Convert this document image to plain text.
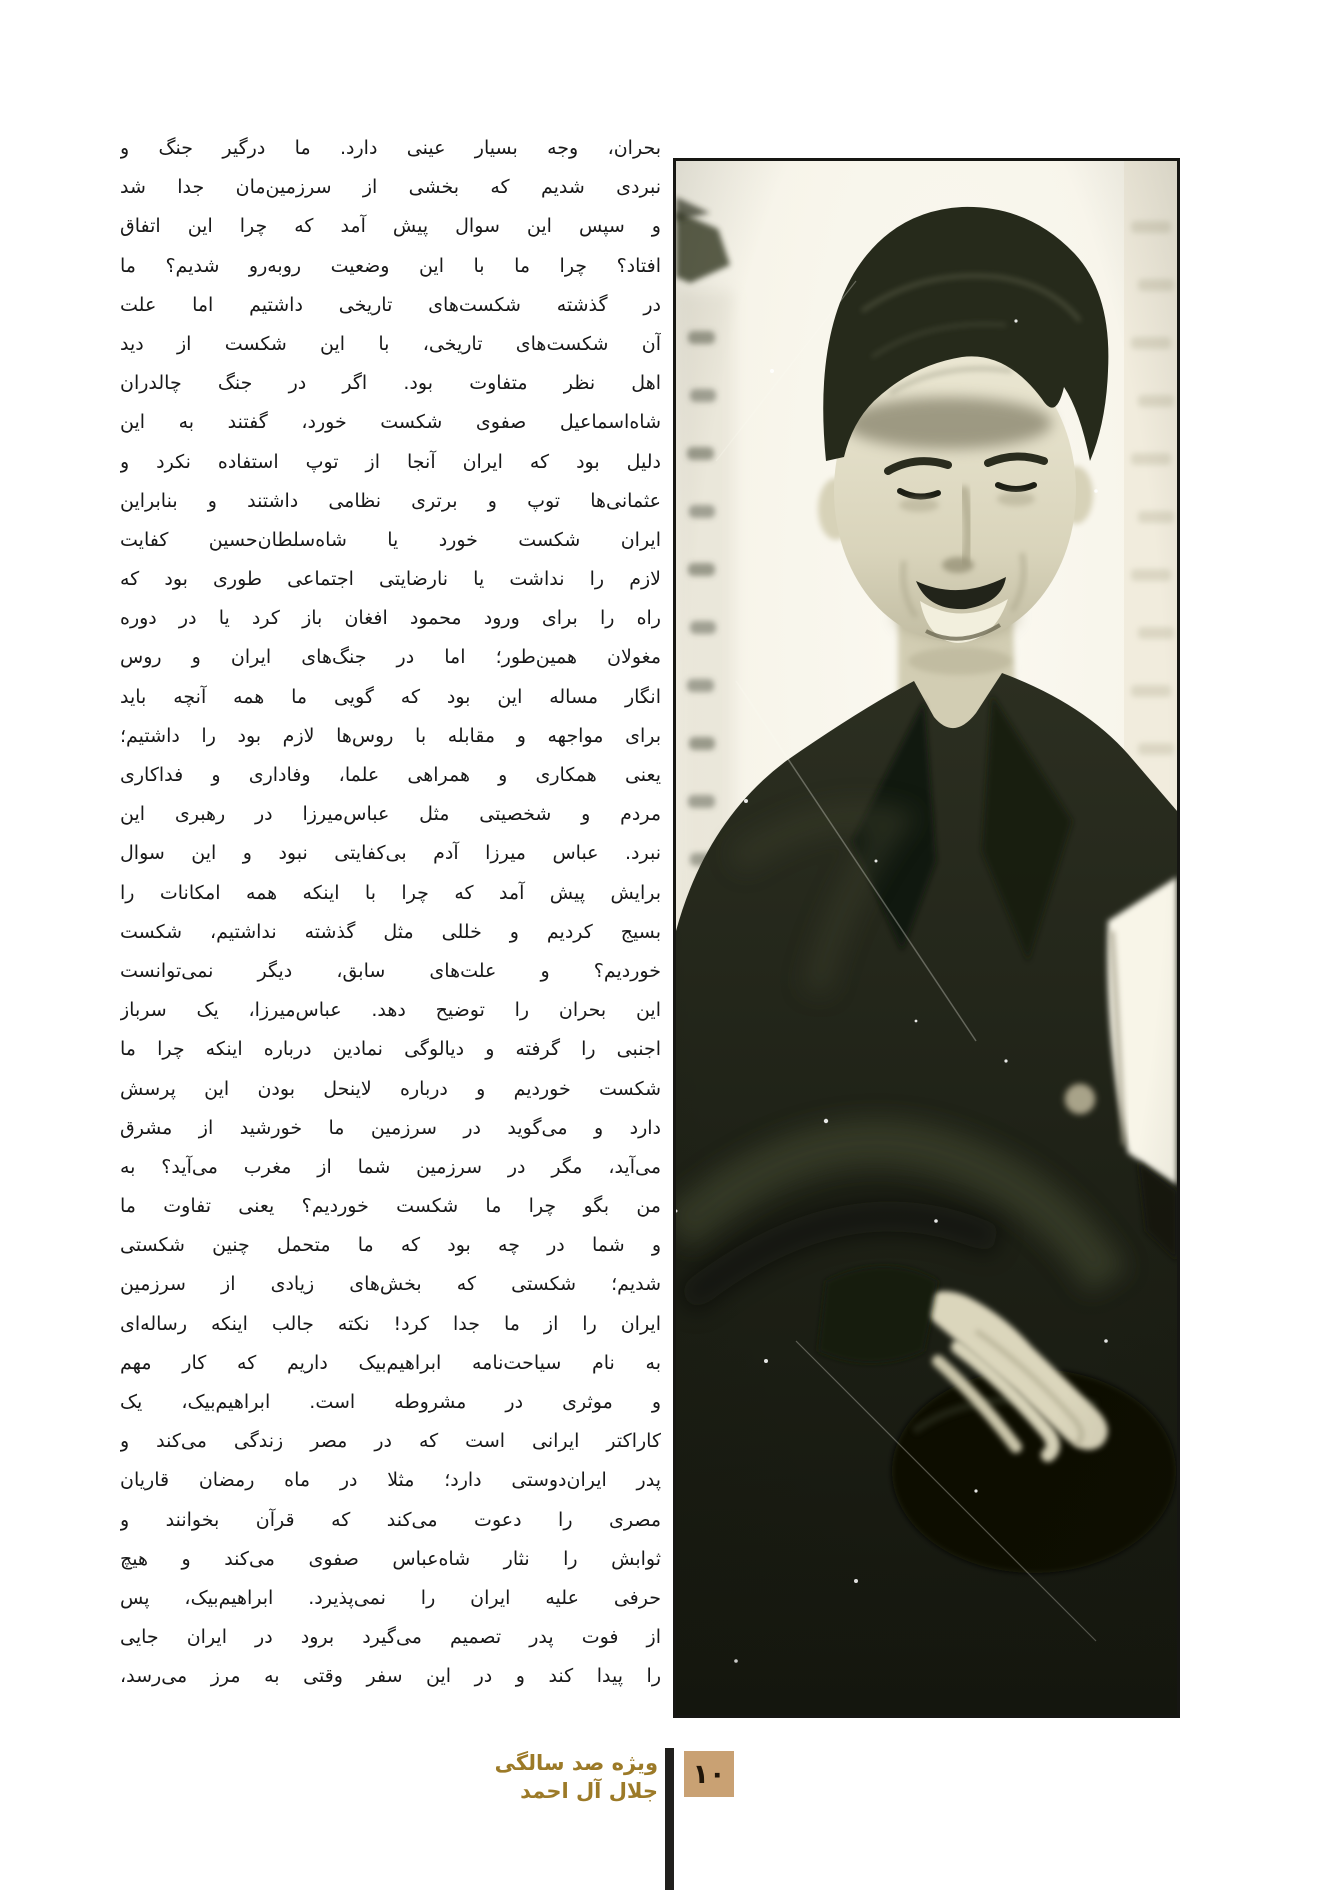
بحران، وجه بسیار عینی دارد. ما درگیر جنگ و
نبردی شدیم که بخشی از سرزمین‌مان جدا شد
و سپس این سوال پیش آمد که چرا این اتفاق
افتاد؟ چرا ما با این وضعیت روبه‌رو شدیم؟ ما
در گذشته شکست‌های تاریخی داشتیم اما علت
آن شکست‌های تاریخی، با این شکست از دید
اهل نظر متفاوت بود. اگر در جنگ چالدران
شاه‌اسماعیل صفوی شکست خورد، گفتند به این
دلیل بود که ایران آنجا از توپ استفاده نکرد و
عثمانی‌ها توپ و برتری نظامی داشتند و بنابراین
ایران شکست خورد یا شاه‌سلطان‌حسین کفایت
لازم را نداشت یا نارضایتی اجتماعی طوری بود که
راه را برای ورود محمود افغان باز کرد یا در دوره
مغولان همین‌طور؛ اما در جنگ‌های ایران و روس
انگار مساله این بود که گویی ما همه آنچه باید
برای مواجهه و مقابله با روس‌ها لازم بود را داشتیم؛
یعنی همکاری و همراهی علما، وفاداری و فداکاری
مردم و شخصیتی مثل عباس‌میرزا در رهبری این
نبرد. عباس میرزا آدم بی‌کفایتی نبود و این سوال
برایش پیش آمد که چرا با اینکه همه امکانات را
بسیج کردیم و خللی مثل گذشته نداشتیم، شکست
خوردیم؟ و علت‌های سابق، دیگر نمی‌توانست
این بحران را توضیح دهد. عباس‌میرزا، یک سرباز
اجنبی را گرفته و دیالوگی نمادین درباره اینکه چرا ما
شکست خوردیم و درباره لاینحل بودن این پرسش
دارد و می‌گوید در سرزمین ما خورشید از مشرق
می‌آید، مگر در سرزمین شما از مغرب می‌آید؟ به
من بگو چرا ما شکست خوردیم؟ یعنی تفاوت ما
و شما در چه بود که ما متحمل چنین شکستی
شدیم؛ شکستی که بخش‌های زیادی از سرزمین
ایران را از ما جدا کرد! نکته جالب اینکه رساله‌ای
به نام سیاحت‌نامه ابراهیم‌بیک داریم که کار مهم
و موثری در مشروطه است. ابراهیم‌بیک، یک
کاراکتر ایرانی است که در مصر زندگی می‌کند و
پدر ایران‌دوستی دارد؛ مثلا در ماه رمضان قاریان
مصری را دعوت می‌کند که قرآن بخوانند و
ثوابش را نثار شاه‌عباس صفوی می‌کند و هیچ
حرفی علیه ایران را نمی‌پذیرد. ابراهیم‌بیک، پس
از فوت پدر تصمیم می‌گیرد برود در ایران جایی
را پیدا کند و در این سفر وقتی به مرز می‌رسد،
۱۰
ویژه صد سالگی
جلال آل احمد
